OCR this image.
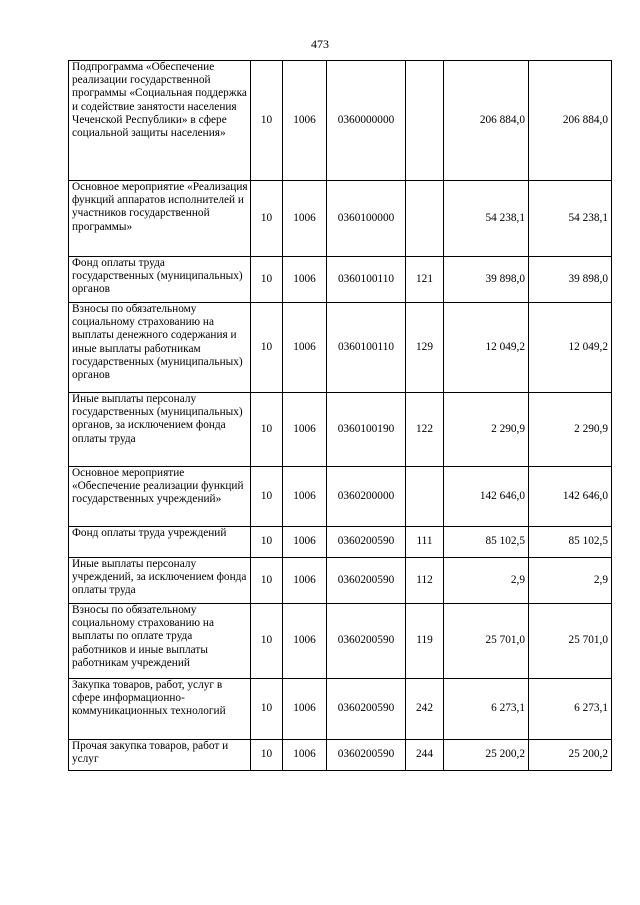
473
Подпрограмма «Обеспечение реализации государственной программы «Социальная поддержка и содействие занятости населения Чеченской Республики» в сфере социальной защиты населения»	10	1006	0360000000		206 884,0	206 884,0
Основное мероприятие «Реализация функций аппаратов исполнителей и участников государственной программы»	10	1006	0360100000		54 238,1	54 238,1
Фонд оплаты труда государственных (муниципальных) органов	10	1006	0360100110	121	39 898,0	39 898,0
Взносы по обязательному социальному страхованию на выплаты денежного содержания и иные выплаты работникам государственных (муниципальных) органов	10	1006	0360100110	129	12 049,2	12 049,2
Иные выплаты персоналу государственных (муниципальных) органов, за исключением фонда оплаты труда	10	1006	0360100190	122	2 290,9	2 290,9
Основное мероприятие «Обеспечение реализации функций государственных учреждений»	10	1006	0360200000		142 646,0	142 646,0
Фонд оплаты труда учреждений	10	1006	0360200590	111	85 102,5	85 102,5
Иные выплаты персоналу учреждений, за исключением фонда оплаты труда	10	1006	0360200590	112	2,9	2,9
Взносы по обязательному социальному страхованию на выплаты по оплате труда работников и иные выплаты работникам учреждений	10	1006	0360200590	119	25 701,0	25 701,0
Закупка товаров, работ, услуг в сфере информационно-коммуникационных технологий	10	1006	0360200590	242	6 273,1	6 273,1
Прочая закупка товаров, работ и услуг	10	1006	0360200590	244	25 200,2	25 200,2
